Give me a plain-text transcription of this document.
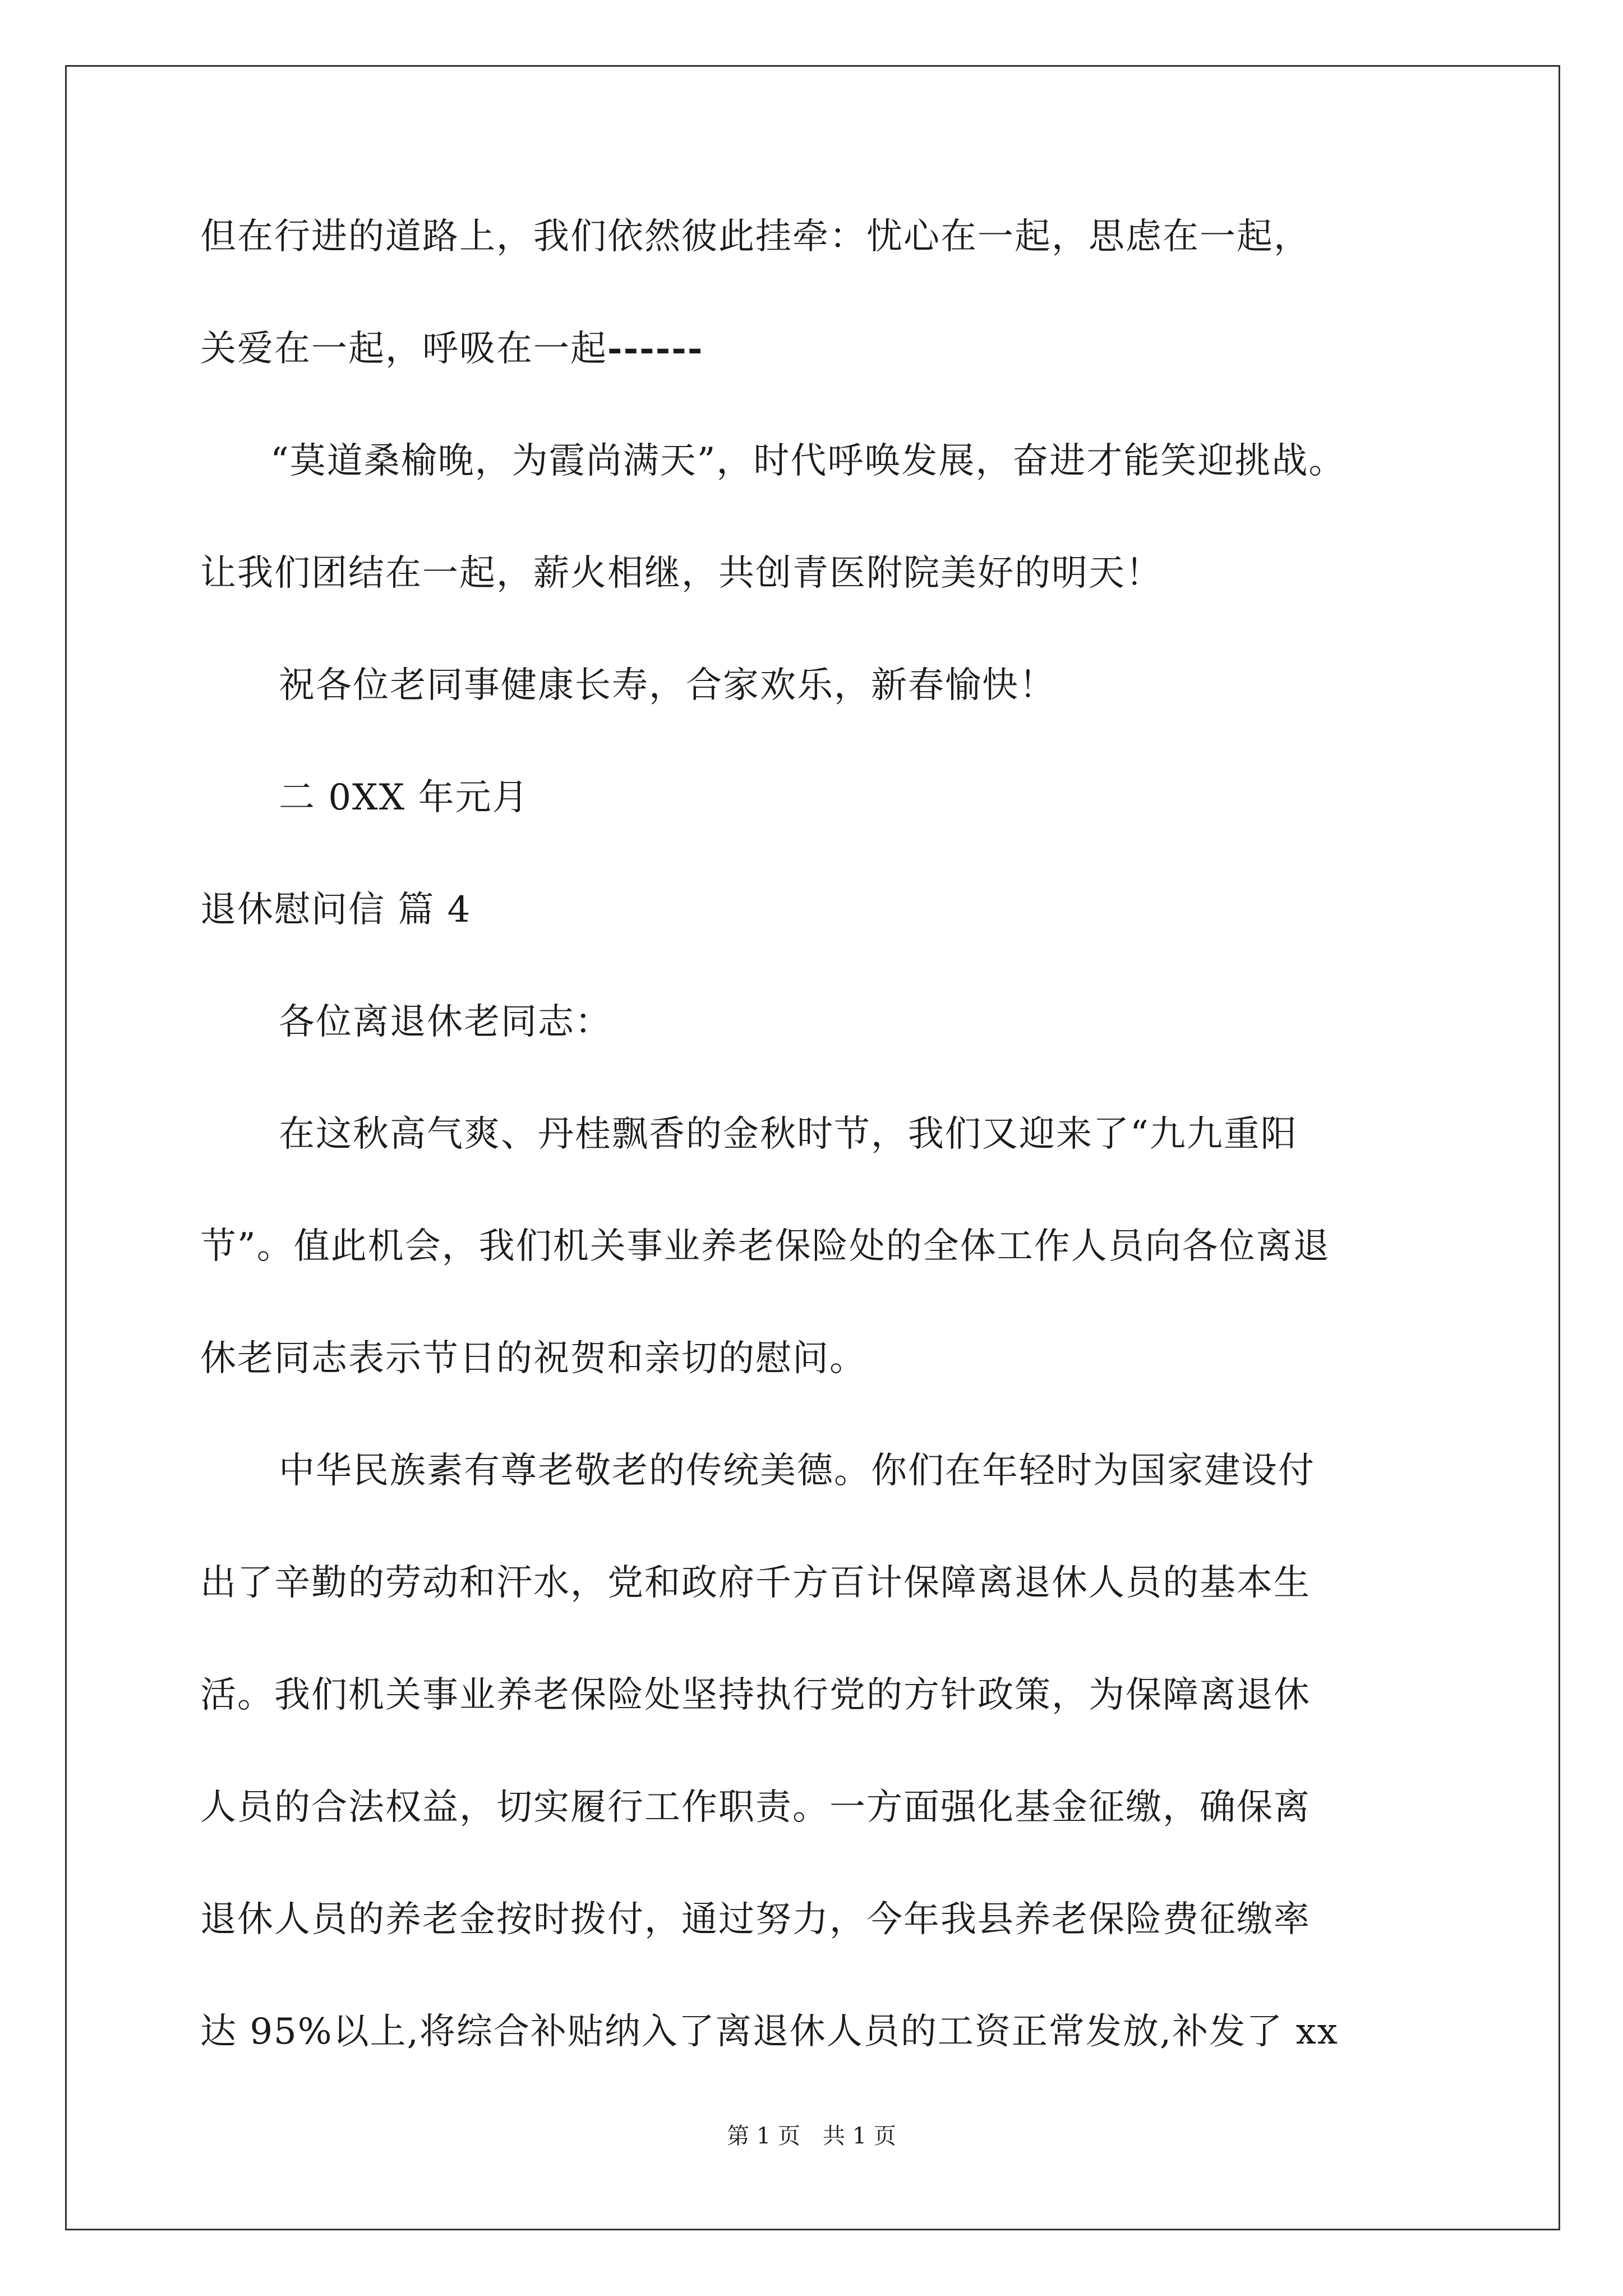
但在行进的道路上，我们依然彼此挂牵：忧心在一起，思虑在一起，
关爱在一起，呼吸在一起------
“莫道桑榆晚，为霞尚满天”，时代呼唤发展，奋进才能笑迎挑战。
让我们团结在一起，薪火相继，共创青医附院美好的明天！
祝各位老同事健康长寿，合家欢乐，新春愉快！
二 0XX 年元月
退休慰问信 篇 4
各位离退休老同志：
在这秋高气爽、丹桂飘香的金秋时节，我们又迎来了“九九重阳
节”。值此机会，我们机关事业养老保险处的全体工作人员向各位离退
休老同志表示节日的祝贺和亲切的慰问。
中华民族素有尊老敬老的传统美德。你们在年轻时为国家建设付
出了辛勤的劳动和汗水，党和政府千方百计保障离退休人员的基本生
活。我们机关事业养老保险处坚持执行党的方针政策，为保障离退休
人员的合法权益，切实履行工作职责。一方面强化基金征缴，确保离
退休人员的养老金按时拨付，通过努力，今年我县养老保险费征缴率
达 95%以上,将综合补贴纳入了离退休人员的工资正常发放,补发了 xx
第 1 页 共 1 页
